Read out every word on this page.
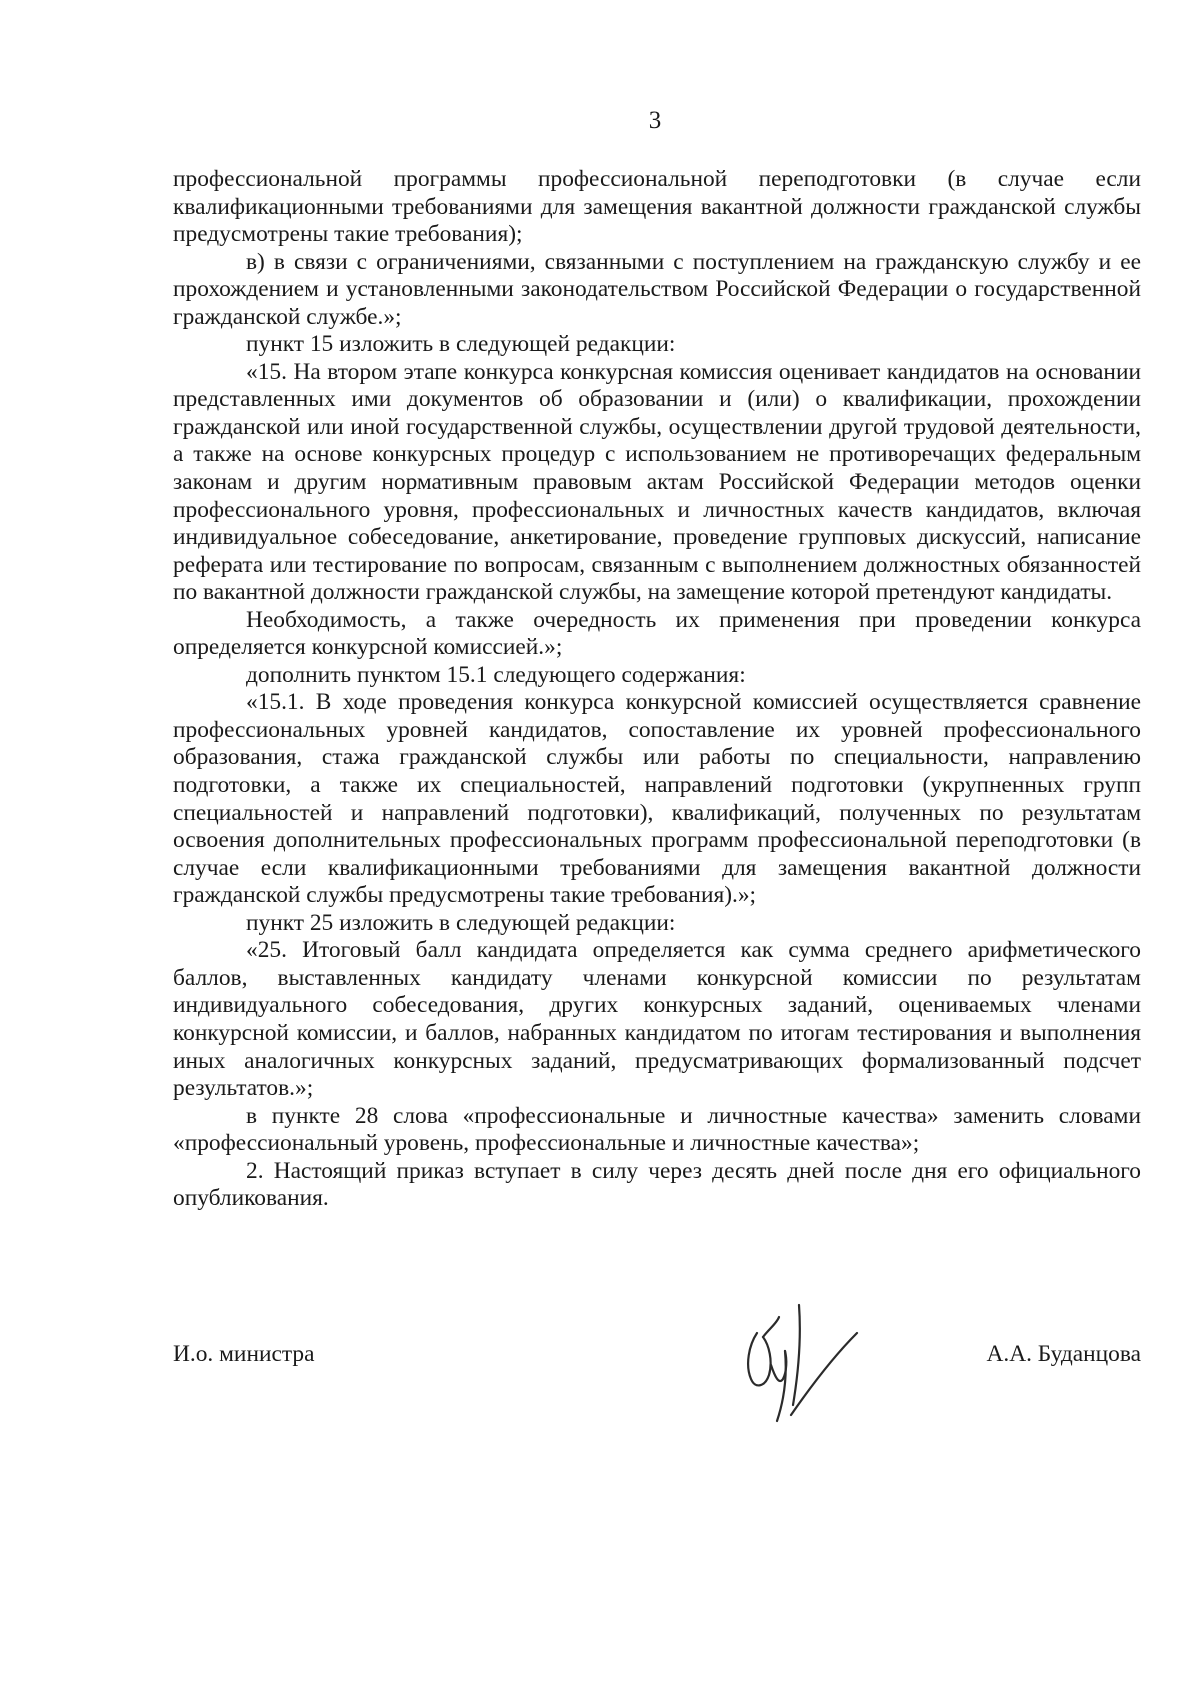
3

профессиональной программы профессиональной переподготовки (в случае если квалификационными требованиями для замещения вакантной должности гражданской службы предусмотрены такие требования);

в) в связи с ограничениями, связанными с поступлением на гражданскую службу и ее прохождением и установленными законодательством Российской Федерации о государственной гражданской службе.»;

пункт 15 изложить в следующей редакции:

«15. На втором этапе конкурса конкурсная комиссия оценивает кандидатов на основании представленных ими документов об образовании и (или) о квалификации, прохождении гражданской или иной государственной службы, осуществлении другой трудовой деятельности, а также на основе конкурсных процедур с использованием не противоречащих федеральным законам и другим нормативным правовым актам Российской Федерации методов оценки профессионального уровня, профессиональных и личностных качеств кандидатов, включая индивидуальное собеседование, анкетирование, проведение групповых дискуссий, написание реферата или тестирование по вопросам, связанным с выполнением должностных обязанностей по вакантной должности гражданской службы, на замещение которой претендуют кандидаты.

Необходимость, а также очередность их применения при проведении конкурса определяется конкурсной комиссией.»;

дополнить пунктом 15.1 следующего содержания:

«15.1. В ходе проведения конкурса конкурсной комиссией осуществляется сравнение профессиональных уровней кандидатов, сопоставление их уровней профессионального образования, стажа гражданской службы или работы по специальности, направлению подготовки, а также их специальностей, направлений подготовки (укрупненных групп специальностей и направлений подготовки), квалификаций, полученных по результатам освоения дополнительных профессиональных программ профессиональной переподготовки (в случае если квалификационными требованиями для замещения вакантной должности гражданской службы предусмотрены такие требования).»;

пункт 25 изложить в следующей редакции:

«25. Итоговый балл кандидата определяется как сумма среднего арифметического баллов, выставленных кандидату членами конкурсной комиссии по результатам индивидуального собеседования, других конкурсных заданий, оцениваемых членами конкурсной комиссии, и баллов, набранных кандидатом по итогам тестирования и выполнения иных аналогичных конкурсных заданий, предусматривающих формализованный подсчет результатов.»;

в пункте 28 слова «профессиональные и личностные качества» заменить словами «профессиональный уровень, профессиональные и личностные качества»;

2. Настоящий приказ вступает в силу через десять дней после дня его официального опубликования.

И.о. министра	А.А. Буданцова
